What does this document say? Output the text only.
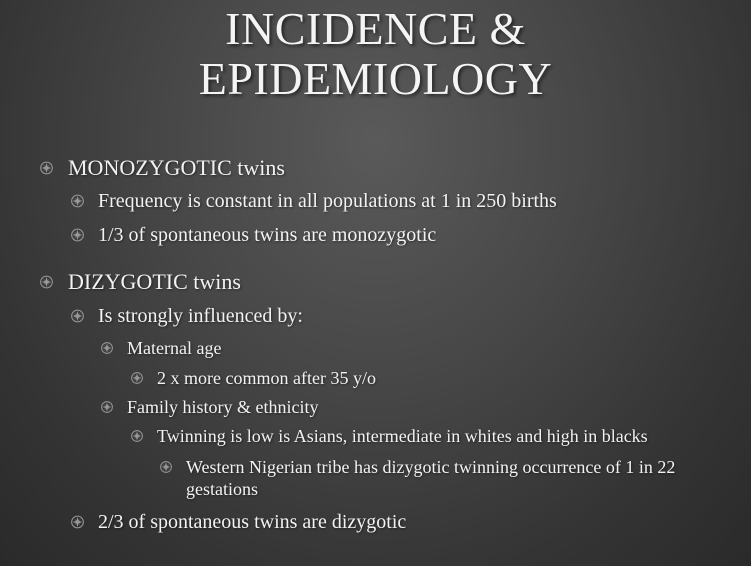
INCIDENCE &
EPIDEMIOLOGY
MONOZYGOTIC twins
Frequency is constant in all populations at 1 in 250 births
1/3 of spontaneous twins are monozygotic
DIZYGOTIC twins
Is strongly influenced by:
Maternal age
2 x more common after 35 y/o
Family history & ethnicity
Twinning is low is Asians, intermediate in whites and high in blacks
Western Nigerian tribe has dizygotic twinning occurrence of 1 in 22 gestations
2/3 of spontaneous twins are dizygotic
